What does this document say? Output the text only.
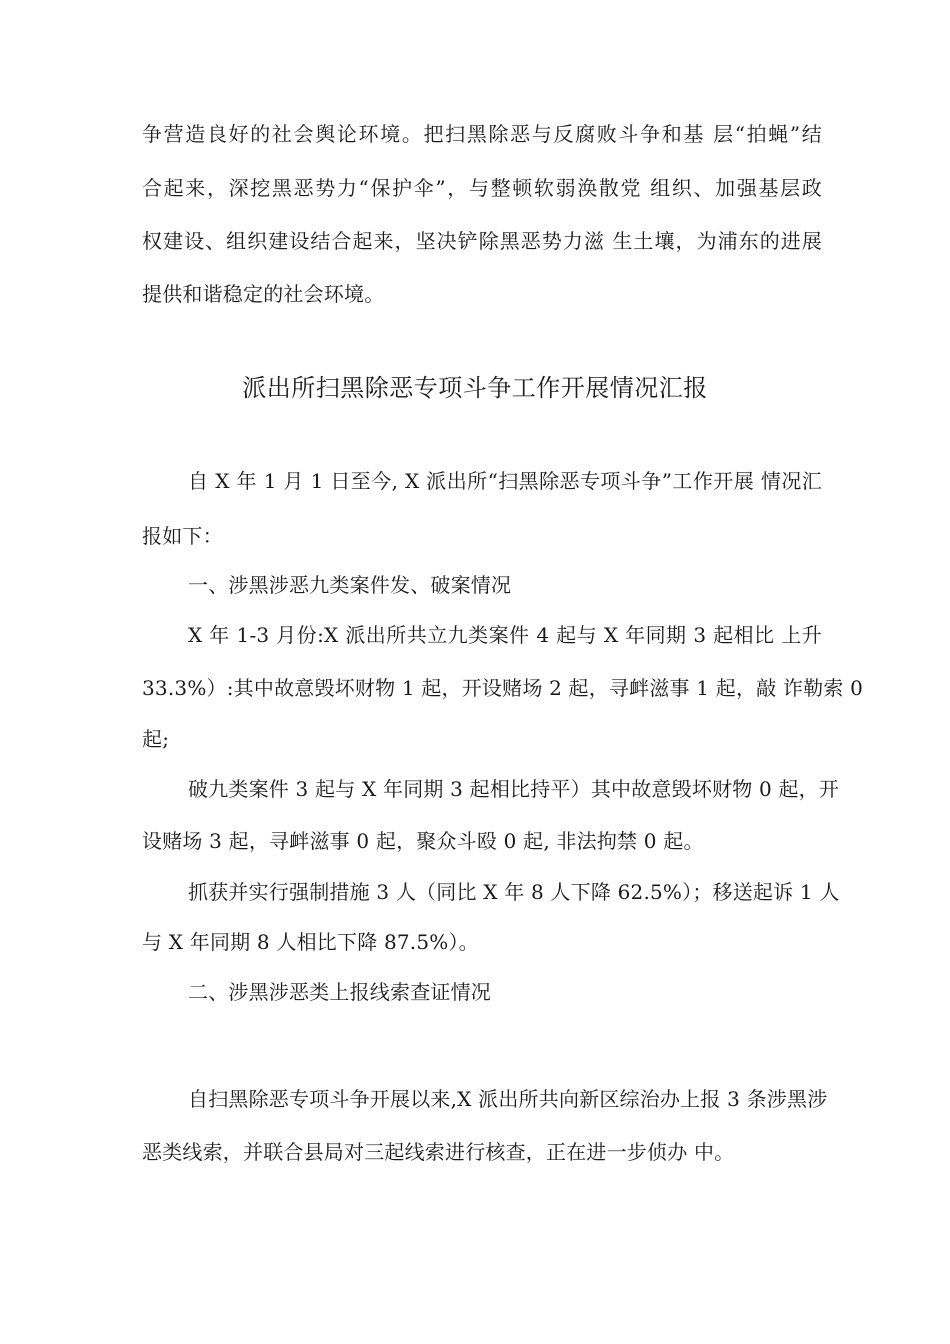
争营造良好的社会舆论环境。把扫黑除恶与反腐败斗争和基 层“拍蝇”结
合起来，深挖黑恶势力“保护伞”，与整顿软弱涣散党 组织、加强基层政
权建设、组织建设结合起来，坚决铲除黑恶势力滋 生土壤，为浦东的进展
提供和谐稳定的社会环境。
派出所扫黑除恶专项斗争工作开展情况汇报
自 X 年 1 月 1 日至今, X 派出所“扫黑除恶专项斗争”工作开展 情况汇
报如下：
一、涉黑涉恶九类案件发、破案情况
X 年 1-3 月份:X 派出所共立九类案件 4 起与 X 年同期 3 起相比 上升
33.3%）:其中故意毁坏财物 1 起，开设赌场 2 起，寻衅滋事 1 起，敲 诈勒索 0
起;
破九类案件 3 起与 X 年同期 3 起相比持平）其中故意毁坏财物 0 起，开
设赌场 3 起，寻衅滋事 0 起，聚众斗殴 0 起, 非法拘禁 0 起。
抓获并实行强制措施 3 人（同比 X 年 8 人下降 62.5%）；移送起诉 1 人
与 X 年同期 8 人相比下降 87.5%）。
二、涉黑涉恶类上报线索查证情况
自扫黑除恶专项斗争开展以来,X 派出所共向新区综治办上报 3 条涉黑涉
恶类线索，并联合县局对三起线索进行核查，正在进一步侦办 中。
